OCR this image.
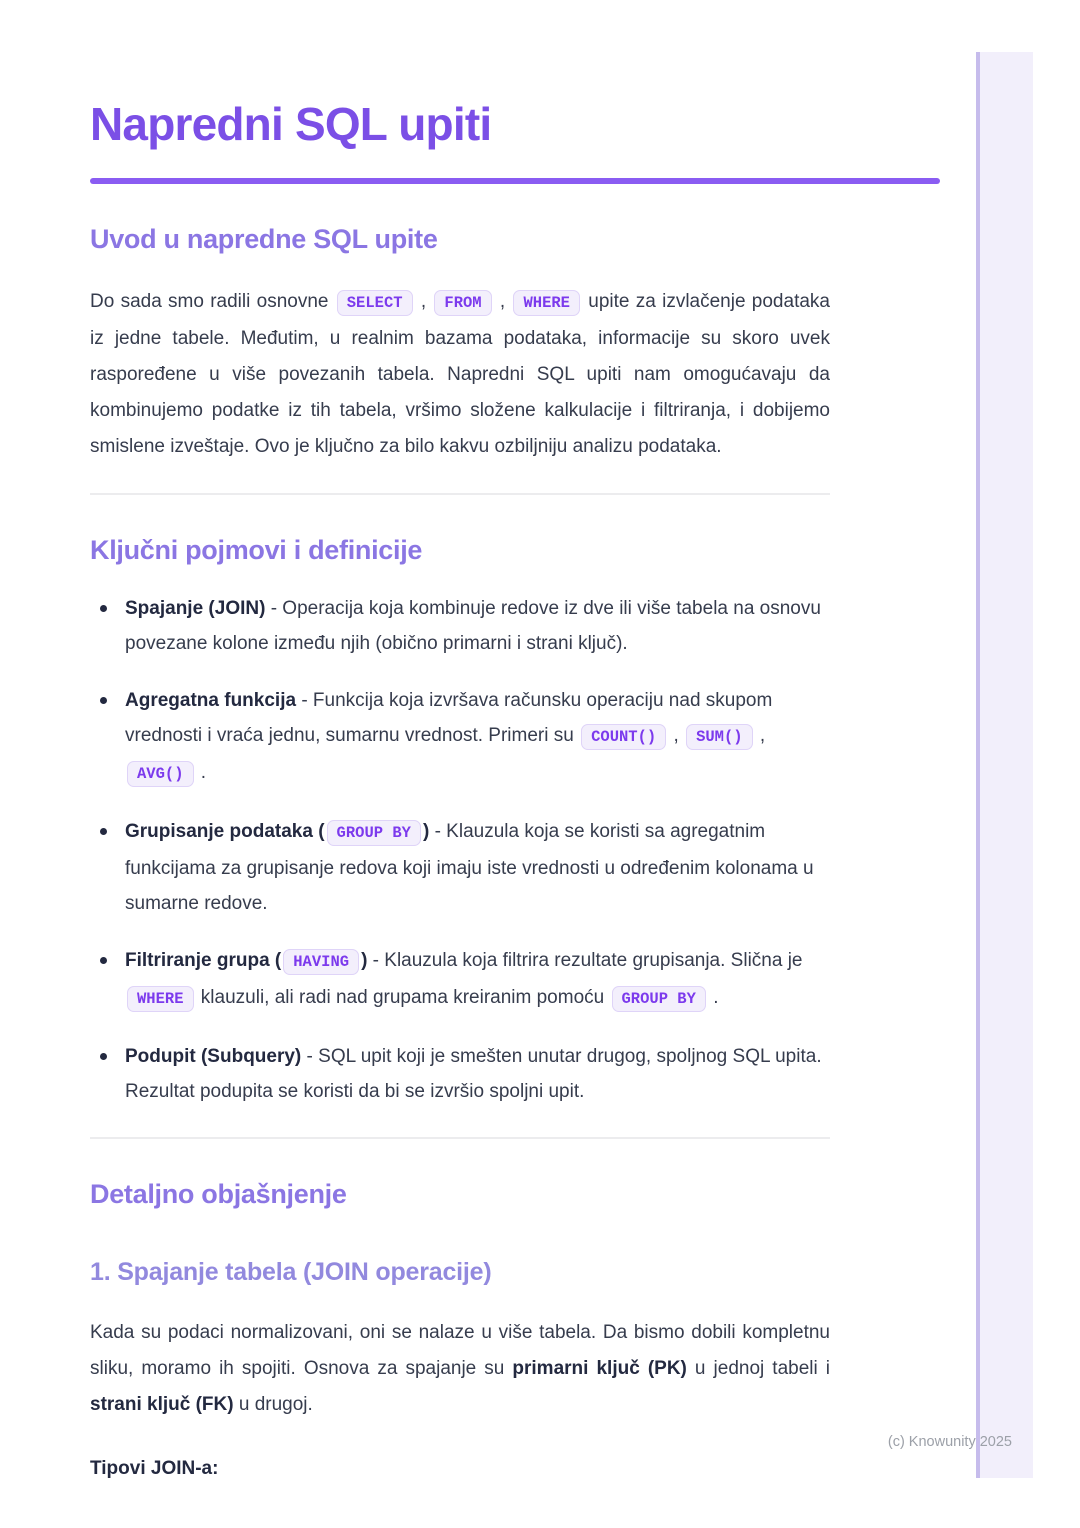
Napredni SQL upiti
Uvod u napredne SQL upite

Do sada smo radili osnovne SELECT , FROM , WHERE upite za izvlačenje podataka iz jedne tabele. Međutim, u realnim bazama podataka, informacije su skoro uvek raspoređene u više povezanih tabela. Napredni SQL upiti nam omogućavaju da kombinujemo podatke iz tih tabela, vršimo složene kalkulacije i filtriranja, i dobijemo smislene izveštaje. Ovo je ključno za bilo kakvu ozbiljniju analizu podataka.

Ključni pojmovi i definicije
Spajanje (JOIN) - Operacija koja kombinuje redove iz dve ili više tabela na osnovu povezane kolone između njih (obično primarni i strani ključ).
Agregatna funkcija - Funkcija koja izvršava računsku operaciju nad skupom vrednosti i vraća jednu, sumarnu vrednost. Primeri su COUNT() , SUM() , AVG() .
Grupisanje podataka ( GROUP BY ) - Klauzula koja se koristi sa agregatnim funkcijama za grupisanje redova koji imaju iste vrednosti u određenim kolonama u sumarne redove.
Filtriranje grupa ( HAVING ) - Klauzula koja filtrira rezultate grupisanja. Slična je WHERE klauzuli, ali radi nad grupama kreiranim pomoću GROUP BY .
Podupit (Subquery) - SQL upit koji je smešten unutar drugog, spoljnog SQL upita. Rezultat podupita se koristi da bi se izvršio spoljni upit.
Detaljno objašnjenje
1. Spajanje tabela (JOIN operacije)

Kada su podaci normalizovani, oni se nalaze u više tabela. Da bismo dobili kompletnu sliku, moramo ih spojiti. Osnova za spajanje su primarni ključ (PK) u jednoj tabeli i strani ključ (FK) u drugoj.

Tipovi JOIN-a:

(c) Knowunity 2025
